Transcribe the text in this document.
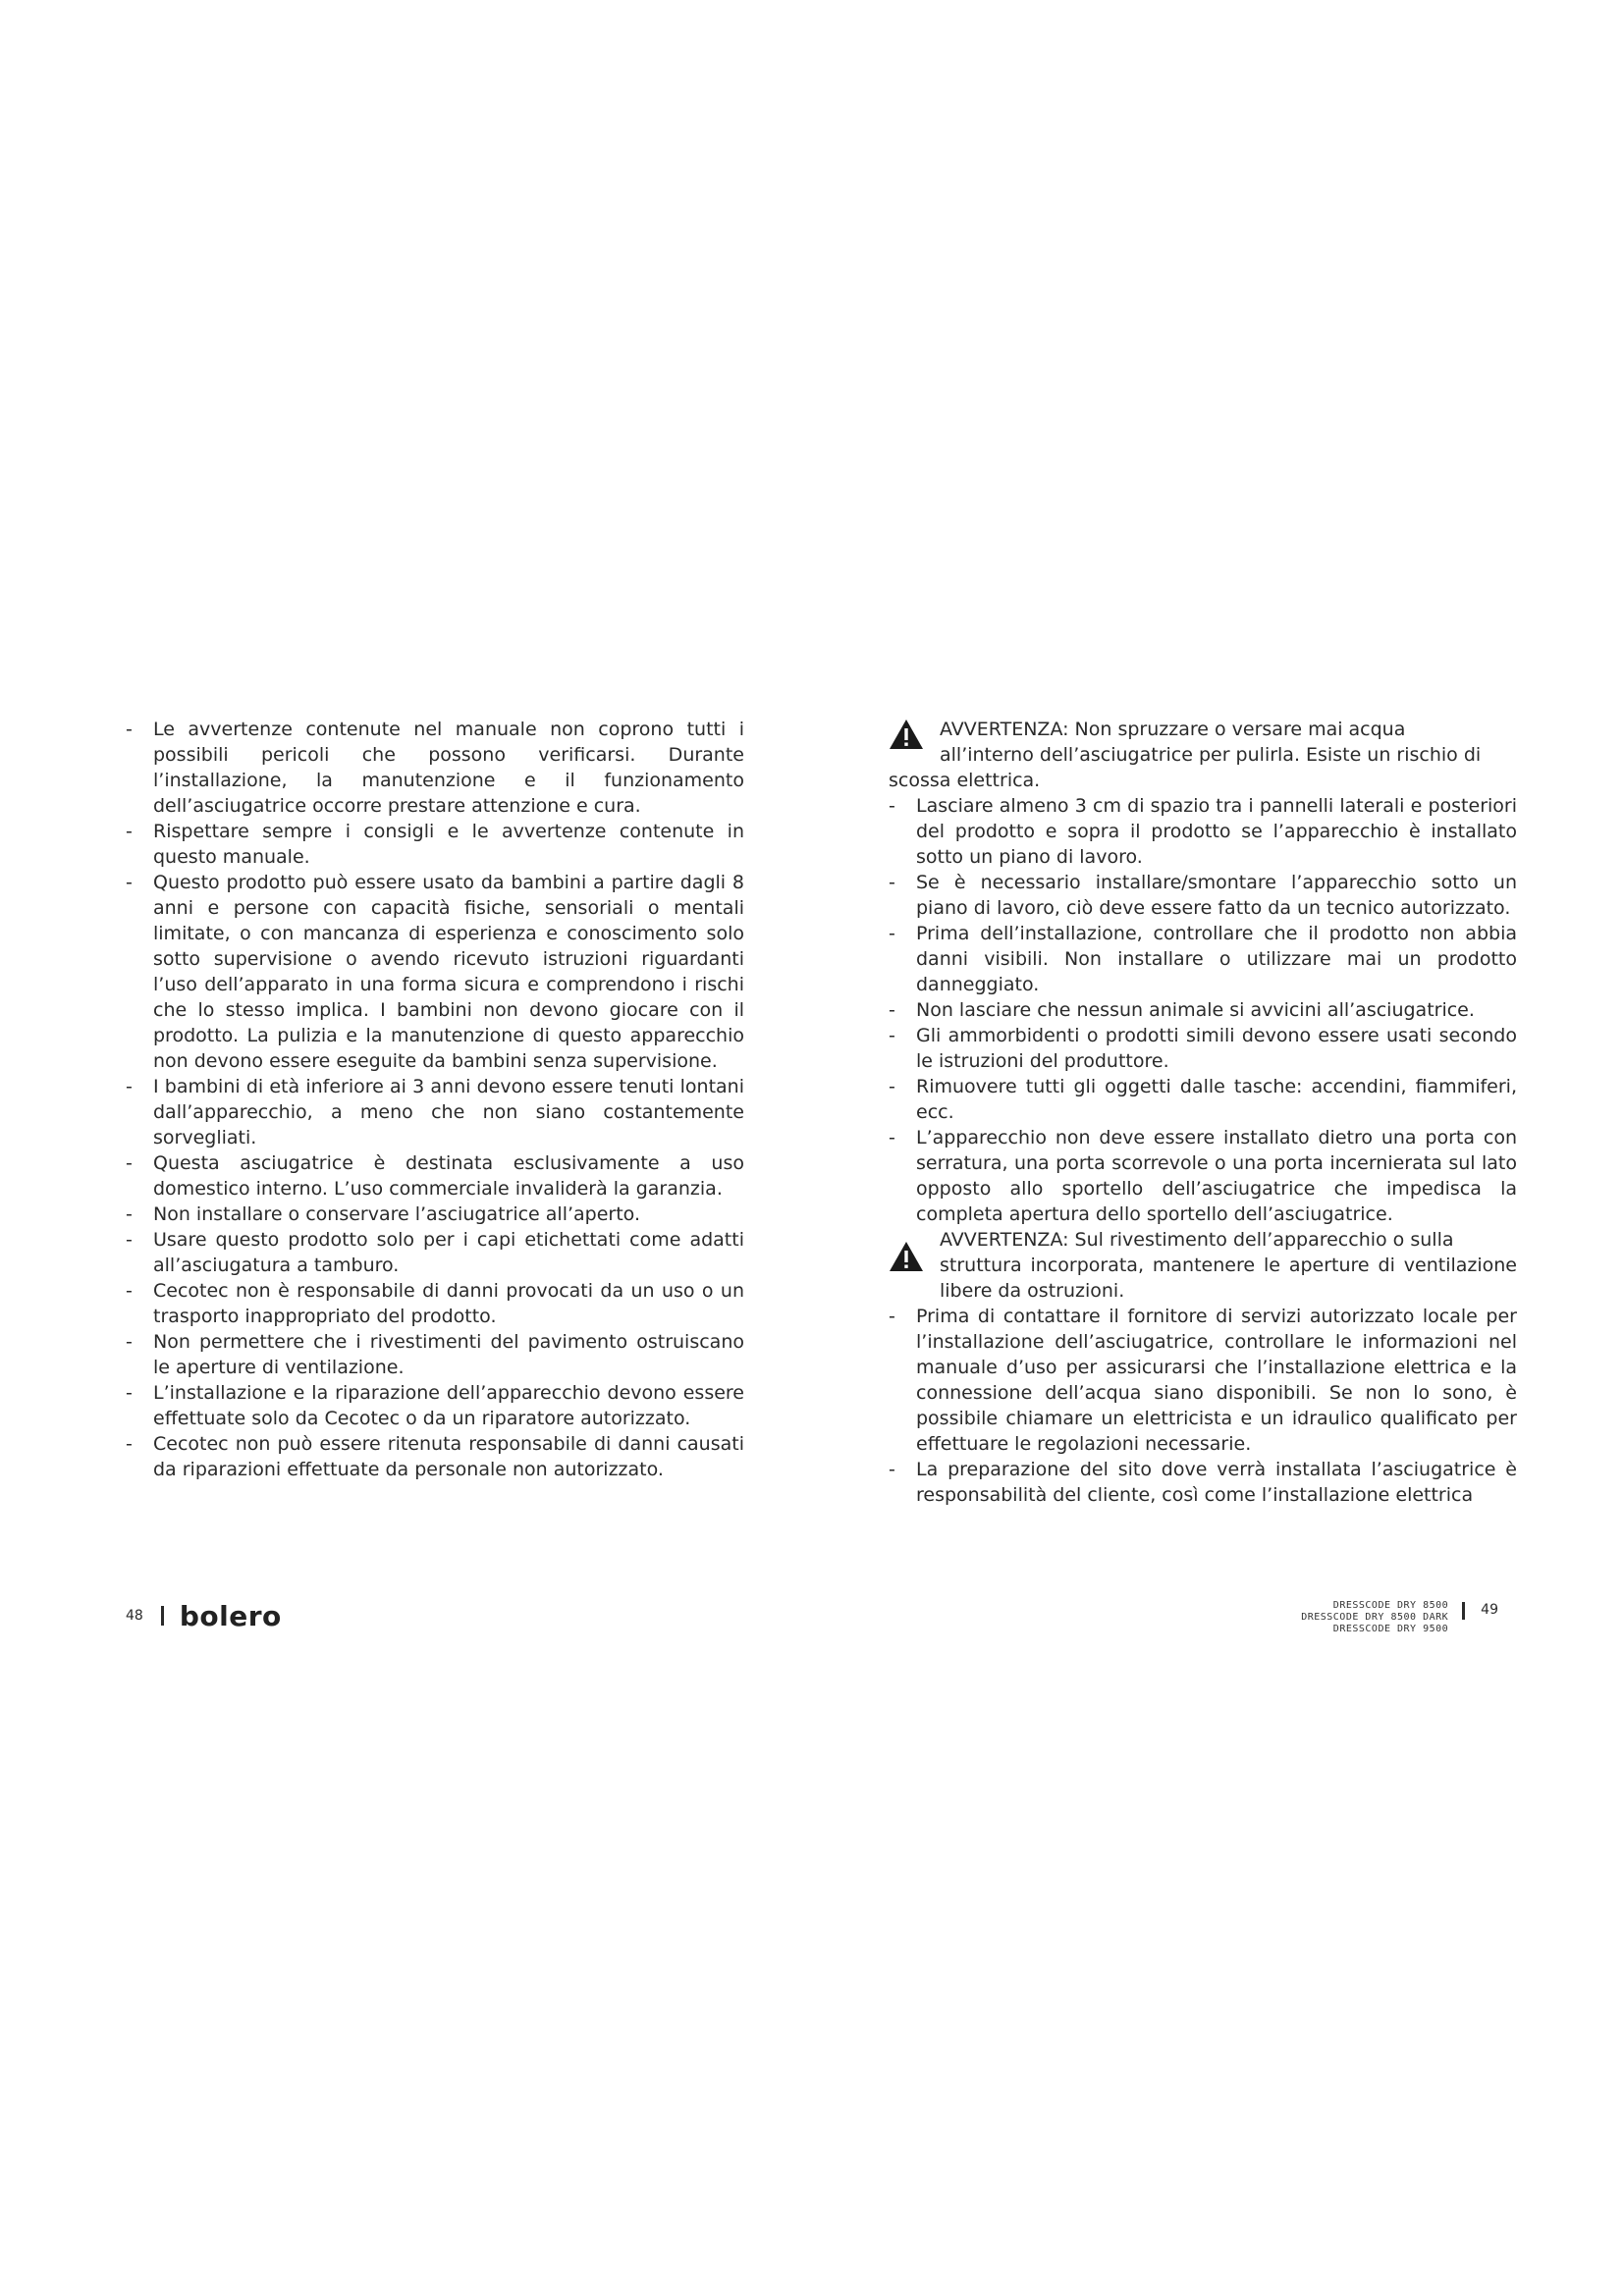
- Le avvertenze contenute nel manuale non coprono tutti i possibili pericoli che possono verificarsi. Durante l’installazione, la manutenzione e il funzionamento dell’asciugatrice occorre prestare attenzione e cura.
- Rispettare sempre i consigli e le avvertenze contenute in questo manuale.
- Questo prodotto può essere usato da bambini a partire dagli 8 anni e persone con capacità fisiche, sensoriali o mentali limitate, o con mancanza di esperienza e conoscimento solo sotto supervisione o avendo ricevuto istruzioni riguardanti l’uso dell’apparato in una forma sicura e comprendono i rischi che lo stesso implica. I bambini non devono giocare con il prodotto. La pulizia e la manutenzione di questo apparecchio non devono essere eseguite da bambini senza supervisione.
- I bambini di età inferiore ai 3 anni devono essere tenuti lontani dall’apparecchio, a meno che non siano costantemente sorvegliati.
- Questa asciugatrice è destinata esclusivamente a uso domestico interno. L’uso commerciale invaliderà la garanzia.
- Non installare o conservare l’asciugatrice all’aperto.
- Usare questo prodotto solo per i capi etichettati come adatti all’asciugatura a tamburo.
- Cecotec non è responsabile di danni provocati da un uso o un trasporto inappropriato del prodotto.
- Non permettere che i rivestimenti del pavimento ostruiscano le aperture di ventilazione.
- L’installazione e la riparazione dell’apparecchio devono essere effettuate solo da Cecotec o da un riparatore autorizzato.
- Cecotec non può essere ritenuta responsabile di danni causati da riparazioni effettuate da personale non autorizzato.
AVVERTENZA: Non spruzzare o versare mai acqua
all’interno dell’asciugatrice per pulirla. Esiste un rischio di
scossa elettrica.
- Lasciare almeno 3 cm di spazio tra i pannelli laterali e posteriori del prodotto e sopra il prodotto se l’apparecchio è installato sotto un piano di lavoro.
- Se è necessario installare/smontare l’apparecchio sotto un piano di lavoro, ciò deve essere fatto da un tecnico autorizzato.
- Prima dell’installazione, controllare che il prodotto non abbia danni visibili. Non installare o utilizzare mai un prodotto danneggiato.
- Non lasciare che nessun animale si avvicini all’asciugatrice.
- Gli ammorbidenti o prodotti simili devono essere usati secondo le istruzioni del produttore.
- Rimuovere tutti gli oggetti dalle tasche: accendini, fiammiferi, ecc.
- L’apparecchio non deve essere installato dietro una porta con serratura, una porta scorrevole o una porta incernierata sul lato opposto allo sportello dell’asciugatrice che impedisca la completa apertura dello sportello dell’asciugatrice.
AVVERTENZA: Sul rivestimento dell’apparecchio o sulla
struttura incorporata, mantenere le aperture di ventilazione libere da ostruzioni.
- Prima di contattare il fornitore di servizi autorizzato locale per l’installazione dell’asciugatrice, controllare le informazioni nel manuale d’uso per assicurarsi che l’installazione elettrica e la connessione dell’acqua siano disponibili. Se non lo sono, è possibile chiamare un elettricista e un idraulico qualificato per effettuare le regolazioni necessarie.
- La preparazione del sito dove verrà installata l’asciugatrice è responsabilità del cliente, così come l’installazione elettrica
48 bolero	DRESSCODE DRY 8500
DRESSCODE DRY 8500 DARK
DRESSCODE DRY 9500
49
